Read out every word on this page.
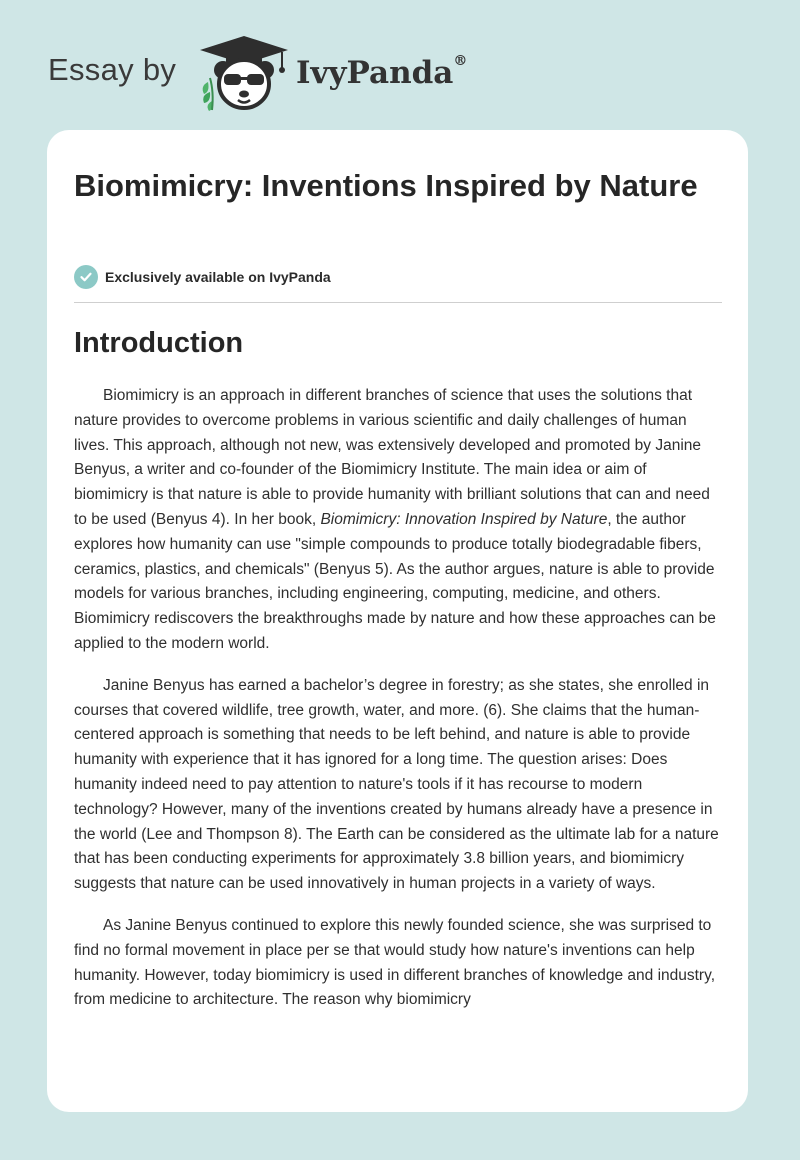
Essay by	IvyPanda®
Biomimicry: Inventions Inspired by Nature
Exclusively available on IvyPanda
Introduction

Biomimicry is an approach in different branches of science that uses the solutions that nature provides to overcome problems in various scientific and daily challenges of human lives. This approach, although not new, was extensively developed and promoted by Janine Benyus, a writer and co-founder of the Biomimicry Institute. The main idea or aim of biomimicry is that nature is able to provide humanity with brilliant solutions that can and need to be used (Benyus 4). In her book, Biomimicry: Innovation Inspired by Nature, the author explores how humanity can use "simple compounds to produce totally biodegradable fibers, ceramics, plastics, and chemicals" (Benyus 5). As the author argues, nature is able to provide models for various branches, including engineering, computing, medicine, and others. Biomimicry rediscovers the breakthroughs made by nature and how these approaches can be applied to the modern world.

Janine Benyus has earned a bachelor’s degree in forestry; as she states, she enrolled in courses that covered wildlife, tree growth, water, and more. (6). She claims that the human-centered approach is something that needs to be left behind, and nature is able to provide humanity with experience that it has ignored for a long time. The question arises: Does humanity indeed need to pay attention to nature's tools if it has recourse to modern technology? However, many of the inventions created by humans already have a presence in the world (Lee and Thompson 8). The Earth can be considered as the ultimate lab for a nature that has been conducting experiments for approximately 3.8 billion years, and biomimicry suggests that nature can be used innovatively in human projects in a variety of ways.

As Janine Benyus continued to explore this newly founded science, she was surprised to find no formal movement in place per se that would study how nature's inventions can help humanity. However, today biomimicry is used in different branches of knowledge and industry, from medicine to architecture. The reason why biomimicry
